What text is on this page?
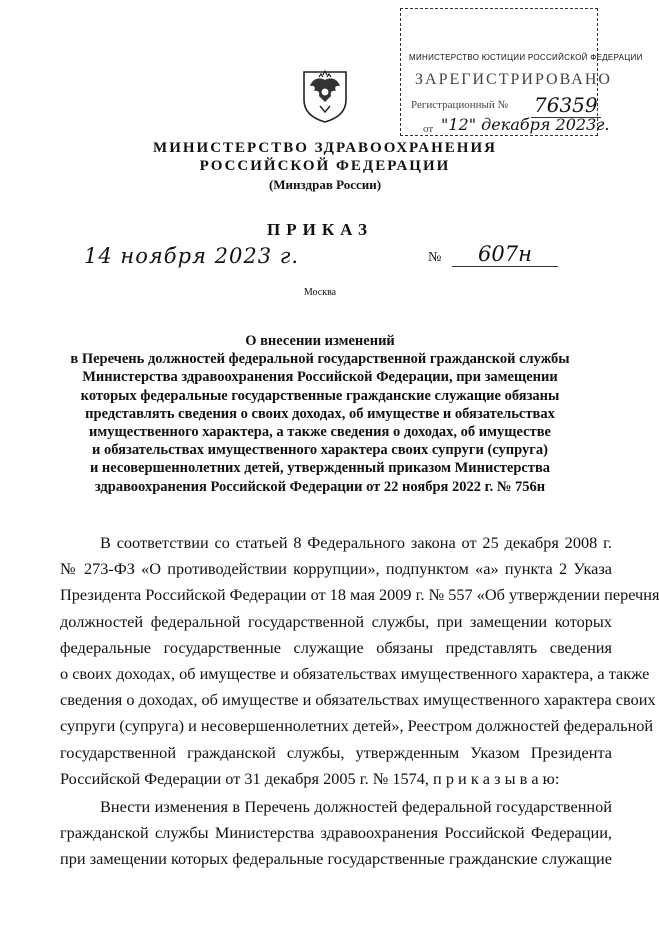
МИНИСТЕРСТВО ЮСТИЦИИ РОССИЙСКОЙ ФЕДЕРАЦИИ
ЗАРЕГИСТРИРОВАНО
Регистрационный № 76359
от "12" декабря 2023г.
МИНИСТЕРСТВО ЗДРАВООХРАНЕНИЯ
РОССИЙСКОЙ ФЕДЕРАЦИИ
(Минздрав России)
ПРИКАЗ
14 ноября 2023 г.	№	607н
Москва
О внесении изменений
в Перечень должностей федеральной государственной гражданской службы
Министерства здравоохранения Российской Федерации, при замещении
которых федеральные государственные гражданские служащие обязаны
представлять сведения о своих доходах, об имуществе и обязательствах
имущественного характера, а также сведения о доходах, об имуществе
и обязательствах имущественного характера своих супруги (супруга)
и несовершеннолетних детей, утвержденный приказом Министерства
здравоохранения Российской Федерации от 22 ноября 2022 г. № 756н
В соответствии со статьей 8 Федерального закона от 25 декабря 2008 г.
№ 273-ФЗ «О противодействии коррупции», подпунктом «а» пункта 2 Указа
Президента Российской Федерации от 18 мая 2009 г. № 557 «Об утверждении перечня
должностей федеральной государственной службы, при замещении которых
федеральные государственные служащие обязаны представлять сведения
о своих доходах, об имуществе и обязательствах имущественного характера, а также
сведения о доходах, об имуществе и обязательствах имущественного характера своих
супруги (супруга) и несовершеннолетних детей», Реестром должностей федеральной
государственной гражданской службы, утвержденным Указом Президента
Российской Федерации от 31 декабря 2005 г. № 1574, п р и к а з ы в а ю:
Внести изменения в Перечень должностей федеральной государственной
гражданской службы Министерства здравоохранения Российской Федерации,
при замещении которых федеральные государственные гражданские служащие
